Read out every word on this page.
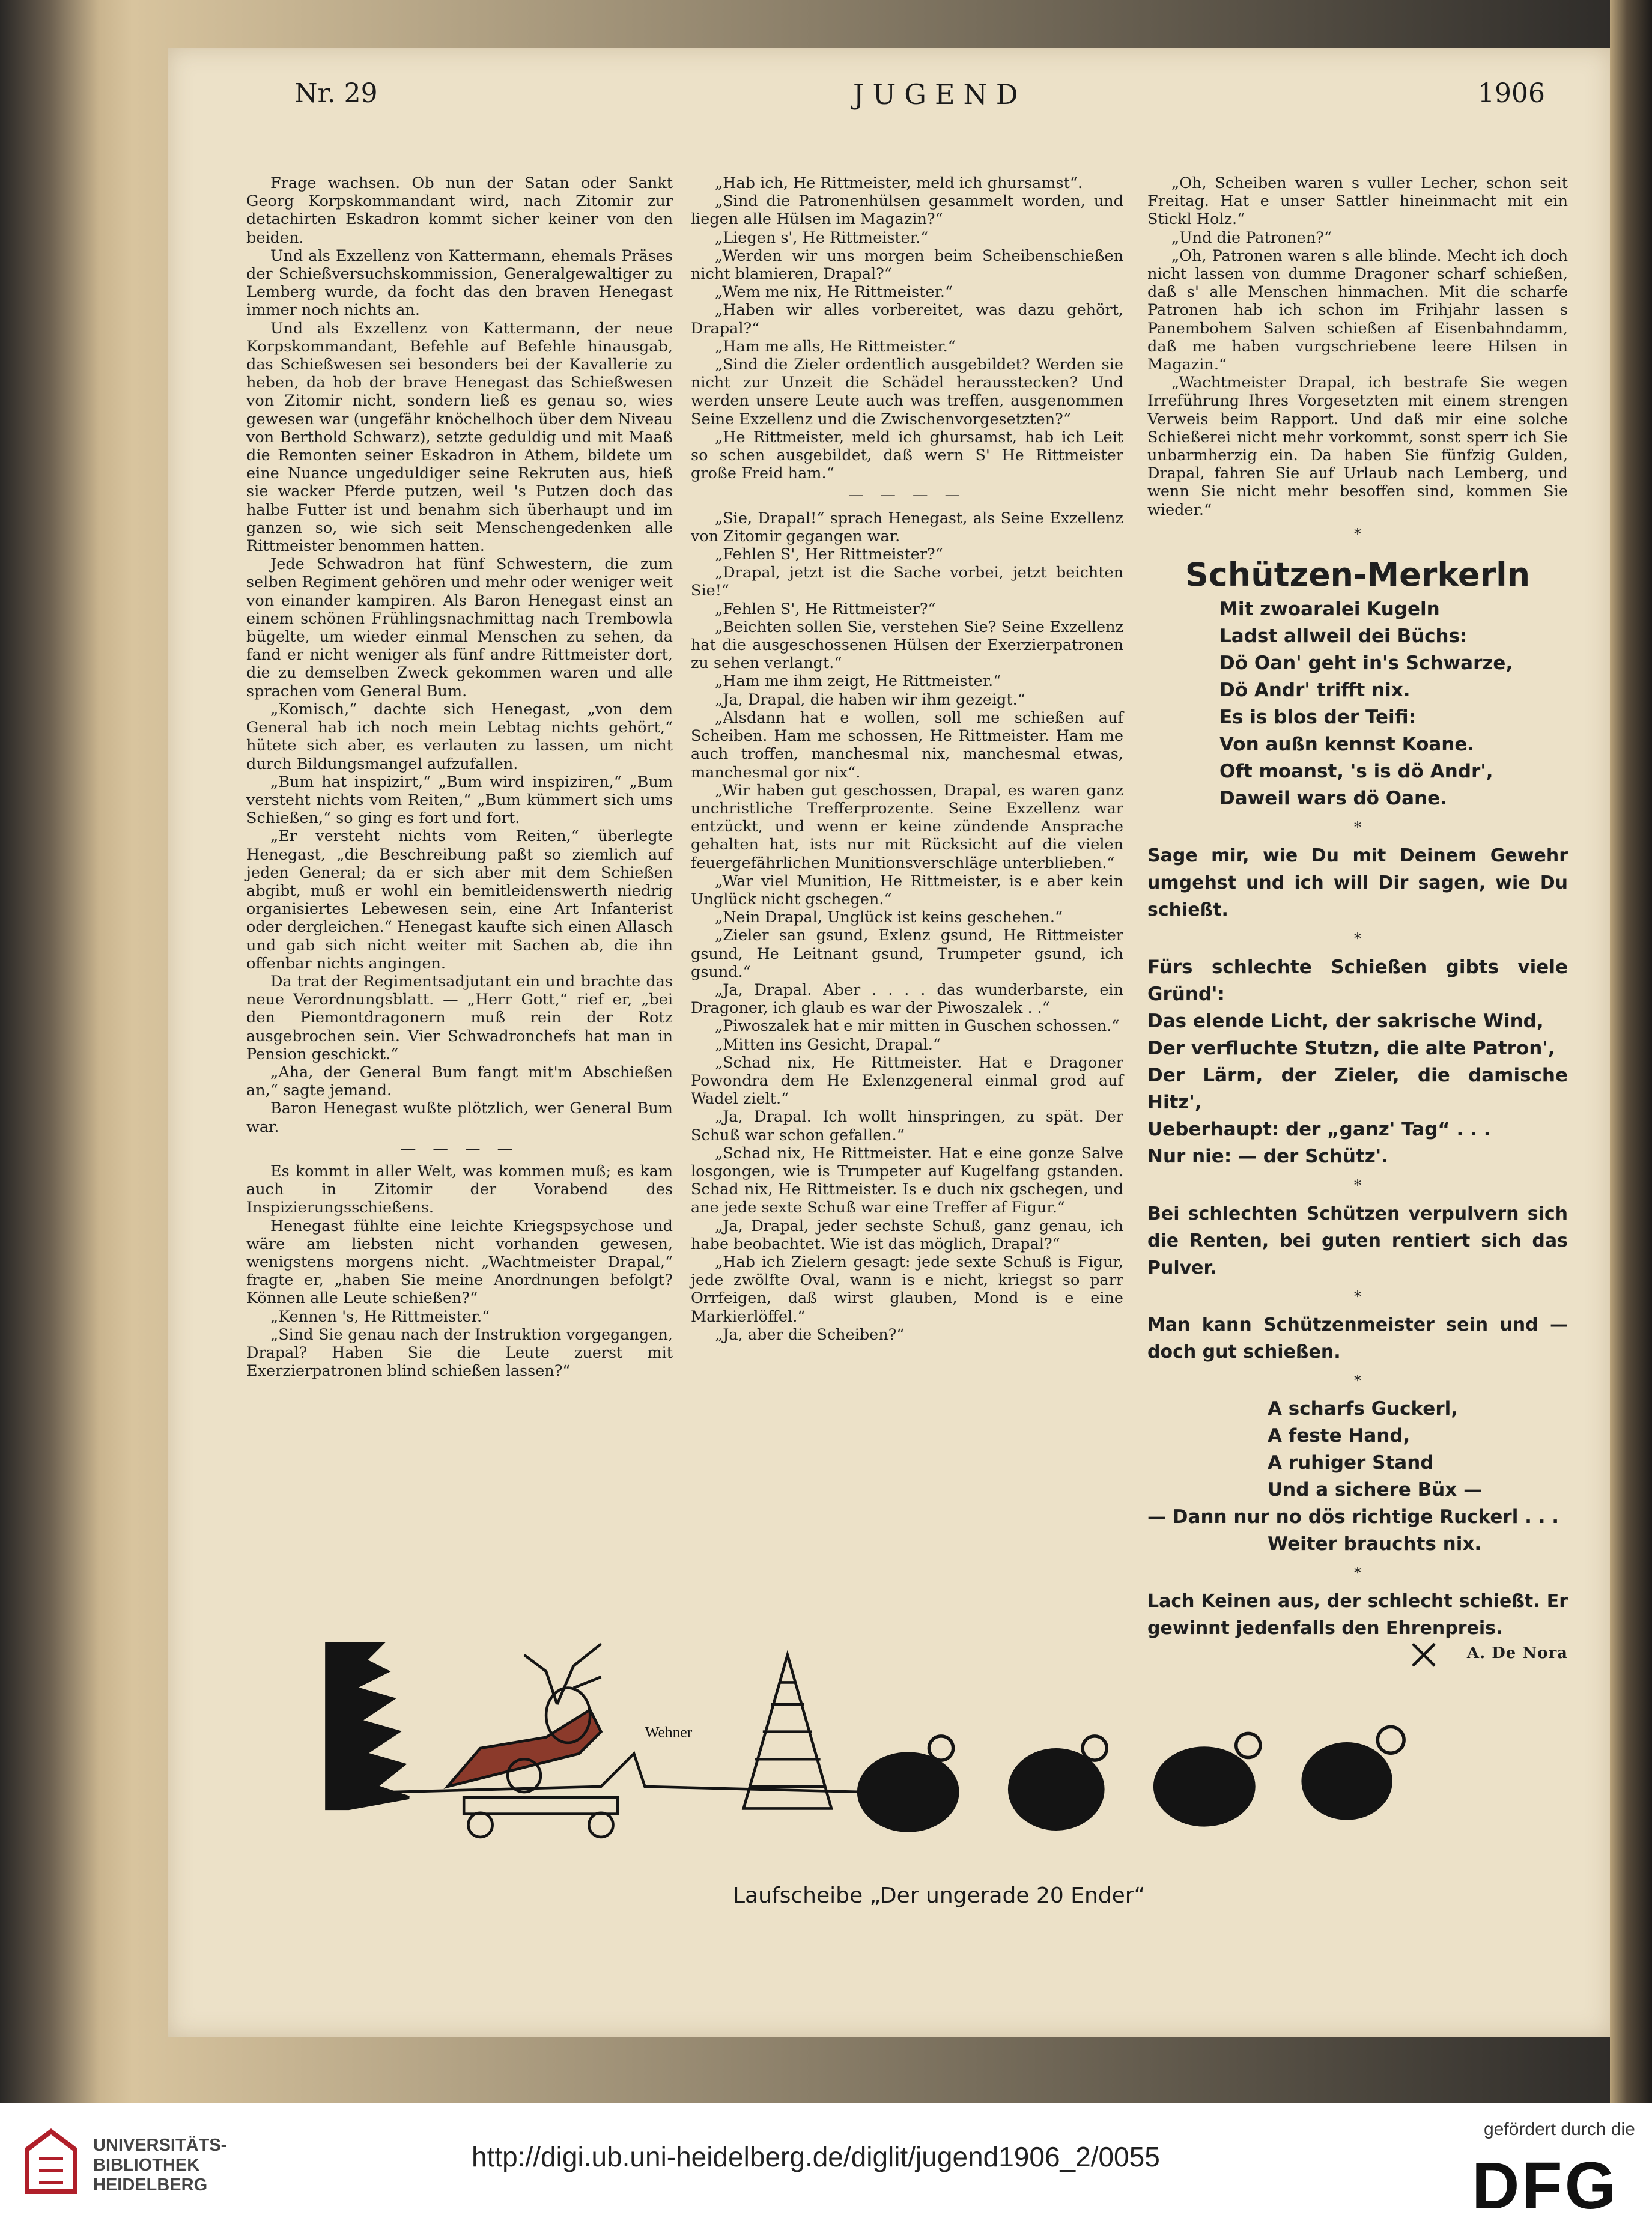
Nr. 29	JUGEND	1906

Frage wachsen. Ob nun der Satan oder Sankt Georg Korpskommandant wird, nach Zitomir zur detachirten Eskadron kommt sicher keiner von den beiden.

Und als Exzellenz von Kattermann, ehemals Präses der Schießversuchskommission, Generalgewaltiger zu Lemberg wurde, da focht das den braven Henegast immer noch nichts an.

Und als Exzellenz von Kattermann, der neue Korpskommandant, Befehle auf Befehle hinausgab, das Schießwesen sei besonders bei der Kavallerie zu heben, da hob der brave Henegast das Schießwesen von Zitomir nicht, sondern ließ es genau so, wies gewesen war (ungefähr knöchelhoch über dem Niveau von Berthold Schwarz), setzte geduldig und mit Maaß die Remonten seiner Eskadron in Athem, bildete um eine Nuance ungeduldiger seine Rekruten aus, hieß sie wacker Pferde putzen, weil 's Putzen doch das halbe Futter ist und benahm sich überhaupt und im ganzen so, wie sich seit Menschengedenken alle Rittmeister benommen hatten.

Jede Schwadron hat fünf Schwestern, die zum selben Regiment gehören und mehr oder weniger weit von einander kampiren. Als Baron Henegast einst an einem schönen Frühlingsnachmittag nach Trembowla bügelte, um wieder einmal Menschen zu sehen, da fand er nicht weniger als fünf andre Rittmeister dort, die zu demselben Zweck gekommen waren und alle sprachen vom General Bum.

„Komisch,“ dachte sich Henegast, „von dem General hab ich noch mein Lebtag nichts gehört,“ hütete sich aber, es verlauten zu lassen, um nicht durch Bildungsmangel aufzufallen.

„Bum hat inspizirt,“ „Bum wird inspiziren,“ „Bum versteht nichts vom Reiten,“ „Bum kümmert sich ums Schießen,“ so ging es fort und fort.

„Er versteht nichts vom Reiten,“ überlegte Henegast, „die Beschreibung paßt so ziemlich auf jeden General; da er sich aber mit dem Schießen abgibt, muß er wohl ein bemitleidenswerth niedrig organisiertes Lebewesen sein, eine Art Infanterist oder dergleichen.“ Henegast kaufte sich einen Allasch und gab sich nicht weiter mit Sachen ab, die ihn offenbar nichts angingen.

Da trat der Regimentsadjutant ein und brachte das neue Verordnungsblatt. — „Herr Gott,“ rief er, „bei den Piemontdragonern muß rein der Rotz ausgebrochen sein. Vier Schwadronchefs hat man in Pension geschickt.“

„Aha, der General Bum fangt mit'm Abschießen an,“ sagte jemand.

Baron Henegast wußte plötzlich, wer General Bum war.

— — — —

Es kommt in aller Welt, was kommen muß; es kam auch in Zitomir der Vorabend des Inspizierungsschießens.

Henegast fühlte eine leichte Kriegspsychose und wäre am liebsten nicht vorhanden gewesen, wenigstens morgens nicht. „Wachtmeister Drapal,“ fragte er, „haben Sie meine Anordnungen befolgt? Können alle Leute schießen?“

„Kennen 's, He Rittmeister.“

„Sind Sie genau nach der Instruktion vorgegangen, Drapal? Haben Sie die Leute zuerst mit Exerzierpatronen blind schießen lassen?“

„Hab ich, He Rittmeister, meld ich ghursamst“.

„Sind die Patronenhülsen gesammelt worden, und liegen alle Hülsen im Magazin?“

„Liegen s', He Rittmeister.“

„Werden wir uns morgen beim Scheibenschießen nicht blamieren, Drapal?“

„Wem me nix, He Rittmeister.“

„Haben wir alles vorbereitet, was dazu gehört, Drapal?“

„Ham me alls, He Rittmeister.“

„Sind die Zieler ordentlich ausgebildet? Werden sie nicht zur Unzeit die Schädel herausstecken? Und werden unsere Leute auch was treffen, ausgenommen Seine Exzellenz und die Zwischenvorgesetzten?“

„He Rittmeister, meld ich ghursamst, hab ich Leit so schen ausgebildet, daß wern S' He Rittmeister große Freid ham.“

— — — —

„Sie, Drapal!“ sprach Henegast, als Seine Exzellenz von Zitomir gegangen war.

„Fehlen S', Her Rittmeister?“

„Drapal, jetzt ist die Sache vorbei, jetzt beichten Sie!“

„Fehlen S', He Rittmeister?“

„Beichten sollen Sie, verstehen Sie? Seine Exzellenz hat die ausgeschossenen Hülsen der Exerzierpatronen zu sehen verlangt.“

„Ham me ihm zeigt, He Rittmeister.“

„Ja, Drapal, die haben wir ihm gezeigt.“

„Alsdann hat e wollen, soll me schießen auf Scheiben. Ham me schossen, He Rittmeister. Ham me auch troffen, manchesmal nix, manchesmal etwas, manchesmal gor nix“.

„Wir haben gut geschossen, Drapal, es waren ganz unchristliche Trefferprozente. Seine Exzellenz war entzückt, und wenn er keine zündende Ansprache gehalten hat, ists nur mit Rücksicht auf die vielen feuergefährlichen Munitionsverschläge unterblieben.“

„War viel Munition, He Rittmeister, is e aber kein Unglück nicht gschegen.“

„Nein Drapal, Unglück ist keins geschehen.“

„Zieler san gsund, Exlenz gsund, He Rittmeister gsund, He Leitnant gsund, Trumpeter gsund, ich gsund.“

„Ja, Drapal. Aber . . . . das wunderbarste, ein Dragoner, ich glaub es war der Piwoszalek . .“

„Piwoszalek hat e mir mitten in Guschen schossen.“

„Mitten ins Gesicht, Drapal.“

„Schad nix, He Rittmeister. Hat e Dragoner Powondra dem He Exlenzgeneral einmal grod auf Wadel zielt.“

„Ja, Drapal. Ich wollt hinspringen, zu spät. Der Schuß war schon gefallen.“

„Schad nix, He Rittmeister. Hat e eine gonze Salve losgongen, wie is Trumpeter auf Kugelfang gstanden. Schad nix, He Rittmeister. Is e duch nix gschegen, und ane jede sexte Schuß war eine Treffer af Figur.“

„Ja, Drapal, jeder sechste Schuß, ganz genau, ich habe beobachtet. Wie ist das möglich, Drapal?“

„Hab ich Zielern gesagt: jede sexte Schuß is Figur, jede zwölfte Oval, wann is e nicht, kriegst so parr Orrfeigen, daß wirst glauben, Mond is e eine Markierlöffel.“

„Ja, aber die Scheiben?“

„Oh, Scheiben waren s vuller Lecher, schon seit Freitag. Hat e unser Sattler hineinmacht mit ein Stickl Holz.“

„Und die Patronen?“

„Oh, Patronen waren s alle blinde. Mecht ich doch nicht lassen von dumme Dragoner scharf schießen, daß s' alle Menschen hinmachen. Mit die scharfe Patronen hab ich schon im Frihjahr lassen s Panembohem Salven schießen af Eisenbahndamm, daß me haben vurgschriebene leere Hilsen in Magazin.“

„Wachtmeister Drapal, ich bestrafe Sie wegen Irreführung Ihres Vorgesetzten mit einem strengen Verweis beim Rapport. Und daß mir eine solche Schießerei nicht mehr vorkommt, sonst sperr ich Sie unbarmherzig ein. Da haben Sie fünfzig Gulden, Drapal, fahren Sie auf Urlaub nach Lemberg, und wenn Sie nicht mehr besoffen sind, kommen Sie wieder.“

*
Schützen-Merkerln
Mit zwoaralei Kugeln
Ladst allweil dei Büchs:
Dö Oan' geht in's Schwarze,
Dö Andr' trifft nix.
Es is blos der Teifi:
Von außn kennst Koane.
Oft moanst, 's is dö Andr',
Daweil wars dö Oane.
*
Sage mir, wie Du mit Deinem Gewehr umgehst und ich will Dir sagen, wie Du schießt.
*
Fürs schlechte Schießen gibts viele Gründ':
Das elende Licht, der sakrische Wind,
Der verfluchte Stutzn, die alte Patron',
Der Lärm, der Zieler, die damische Hitz',
Ueberhaupt: der „ganz' Tag“ . . .
Nur nie: — der Schütz'.
*
Bei schlechten Schützen verpulvern sich die Renten, bei guten rentiert sich das Pulver.
*
Man kann Schützenmeister sein und — doch gut schießen.
*
A scharfs Guckerl,
A feste Hand,
A ruhiger Stand
Und a sichere Büx —
— Dann nur no dös richtige Ruckerl . . .
Weiter brauchts nix.
*
Lach Keinen aus, der schlecht schießt. Er gewinnt jedenfalls den Ehrenpreis.
A. De Nora
Wehner
Laufscheibe „Der ungerade 20 Ender“
UNIVERSITÄTS-
BIBLIOTHEK
HEIDELBERG
http://digi.ub.uni-heidelberg.de/diglit/jugend1906_2/0055
gefördert durch die
DFG
